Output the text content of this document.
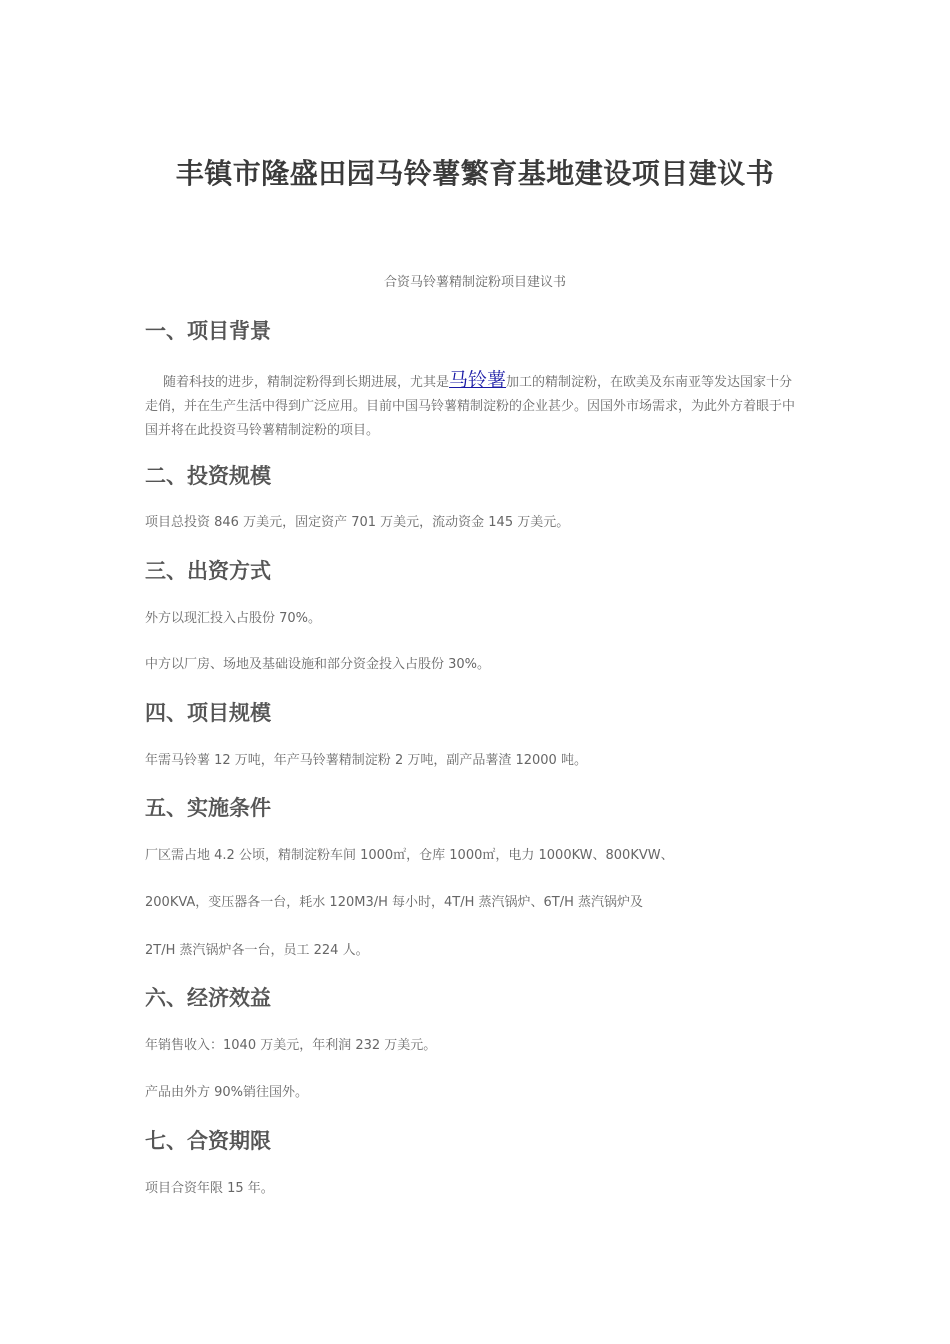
丰镇市隆盛田园马铃薯繁育基地建设项目建议书
合资马铃薯精制淀粉项目建议书
一、项目背景

随着科技的进步，精制淀粉得到长期进展，尤其是马铃薯加工的精制淀粉，在欧美及东南亚等发达国家十分走俏，并在生产生活中得到广泛应用。目前中国马铃薯精制淀粉的企业甚少。因国外市场需求，为此外方着眼于中国并将在此投资马铃薯精制淀粉的项目。

二、投资规模

项目总投资 846 万美元，固定资产 701 万美元，流动资金 145 万美元。

三、出资方式

外方以现汇投入占股份 70%。

中方以厂房、场地及基础设施和部分资金投入占股份 30%。

四、项目规模

年需马铃薯 12 万吨，年产马铃薯精制淀粉 2 万吨，副产品薯渣 12000 吨。

五、实施条件

厂区需占地 4.2 公顷，精制淀粉车间 1000㎡，仓库 1000㎡，电力 1000KW、800KVW、

200KVA，变压器各一台，耗水 120M3/H 每小时，4T/H 蒸汽锅炉、6T/H 蒸汽锅炉及

2T/H 蒸汽锅炉各一台，员工 224 人。

六、经济效益

年销售收入：1040 万美元，年利润 232 万美元。

产品由外方 90%销往国外。

七、合资期限

项目合资年限 15 年。
